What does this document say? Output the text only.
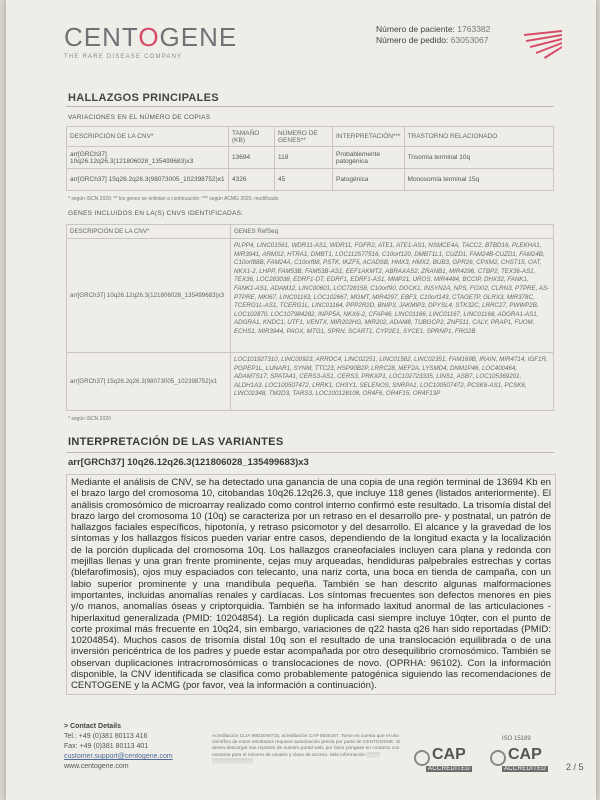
CENTOGENE
THE RARE DISEASE COMPANY
Número de paciente: 1763382
Número de pedido: 63053067
HALLAZGOS PRINCIPALES
VARIACIONES EN EL NÚMERO DE COPIAS
DESCRIPCIÓN DE LA CNV*	TAMAÑO (KB)	NÚMERO DE GENES**	INTERPRETACIÓN***	TRASTORNO RELACIONADO
arr[GRCh37] 10q26.12q26.3(121806028_135499683)x3	13694	118	Probablemente patogénica	Trisomía terminal 10q
arr[GRCh37] 15q26.2q26.3(98073005_102398752)x1	4326	45	Patogénica	Monosomía terminal 15q
* según ISCN 2020; ** los genes se enlistan a continuación; *** según ACMG 2020, modificado
GENES INCLUIDOS EN LA(S) CNVS IDENTIFICADAS:
DESCRIPCIÓN DE LA CNV*	GENES RefSeq
arr[GRCh37] 10q26.12q26.3(121806028_135499683)x3	PLPP4, LINC01561, WDR11-AS1, WDR11, FGFR2, ATE1, ATE1-AS1, NSMCE4A, TACC2, BTBD16, PLEKHA1, MIR3941, ARMS2, HTRA1, DMBT1, LOC112577516, C10orf120, DMBT1L1, CUZD1, FAM24B-CUZD1, FAM24B, C10orf88B, FAM24A, C10orf88, PSTK, IKZF5, ACADSB, HMX3, HMX2, BUB3, GPR26, CPXM2, CHST15, OAT, NKX1-2, LHPP, FAM53B, FAM53B-AS1, EEF1AKMT2, ABRAXAS2, ZRANB1, MIR4296, CTBP2, TEX36-AS1, TEX36, LOC283038, EDRF1-DT, EDRF1, EDRF1-AS1, MMP21, UROS, MIR4484, BCCIP, DHX32, FANK1, FANK1-AS1, ADAM12, LINC00601, LOC728158, C10orf90, DOCK1, INSYN2A, NPS, FOXI2, CLRN3, PTPRE, AS-PTPRE, MKI67, LINC01163, LOC102667, MGMT, MIR4297, EBF3, C10orf143, CTAGE7P, GLRX3, MIR378C, TCERG1L-AS1, TCERG1L, LINC01164, PPP2R2D, BNIP3, JAKMIP3, DPYSL4, STK32C, LRRC27, PWWP2B, LOC102870, LOC107984282, INPP5A, NKX6-2, CFAP46, LINC01166, LINC01167, LINC01168, ADGRA1-AS1, ADGRA1, KNDC1, UTF1, VENTX, MIR202HG, MIR202, ADAM8, TUBGCP2, ZNF511, CALY, PRAP1, FUOM, ECHS1, MIR3944, PAOX, MTG1, SPRN, SCART1, CYP2E1, SYCE1, SPRNP1, FRG2B
arr[GRCh37] 15q26.2q26.3(98073005_102398752)x1	LOC101927310, LINC00923, ARRDC4, LINC02251, LINC01582, LINC02351, FAM169B, IRAIN, MIR4714, IGF1R, PGPEP1L, LUNAR1, SYNM, TTC23, HSP90B2P, LRRC28, MEF2A, LYSMD4, DNM1P46, LOC400464, ADAMTS17, SPATA41, CERS3-AS1, CERS3, PRKXP1, LOC102723335, LINS1, ASB7, LOC105369201, ALDH1A3, LOC100507472, LRRK1, CHSY1, SELENOS, SNRPA1, LOC100507472, PCSK6-AS1, PCSK6, LINC02348, TM2D3, TARS3, LOC100128108, OR4F6, OR4F15, OR4F13P
* según ISCN 2020
INTERPRETACIÓN DE LAS VARIANTES
arr[GRCh37] 10q26.12q26.3(121806028_135499683)x3
Mediante el análisis de CNV, se ha detectado una ganancia de una copia de una región terminal de 13694 Kb en el brazo largo del cromosoma 10, citobandas 10q26.12q26.3, que incluye 118 genes (listados anteriormente). El análisis cromosómico de microarray realizado como control interno confirmó este resultado. La trisomía distal del brazo largo del cromosoma 10 (10q) se caracteriza por un retraso en el desarrollo pre- y postnatal, un patrón de hallazgos faciales específicos, hipotonía, y retraso psicomotor y del desarrollo. El alcance y la gravedad de los síntomas y los hallazgos físicos pueden variar entre casos, dependiendo de la longitud exacta y la localización de la porción duplicada del cromosoma 10q. Los hallazgos craneofaciales incluyen cara plana y redonda con mejillas llenas y una gran frente prominente, cejas muy arqueadas, hendiduras palpebrales estrechas y cortas (blefarofimosis), ojos muy espaciados con telecanto, una nariz corta, una boca en tienda de campaña, con un labio superior prominente y una mandíbula pequeña. También se han descrito algunas malformaciones importantes, incluidas anomalías renales y cardíacas. Los síntomas frecuentes son defectos menores en pies y/o manos, anomalías óseas y criptorquidia. También se ha informado laxitud anormal de las articulaciones - hiperlaxitud generalizada (PMID: 10204854). La región duplicada casi siempre incluye 10qter, con el punto de corte proximal más frecuente en 10q24, sin embargo, variaciones de q22 hasta q26 han sido reportadas (PMID: 10204854). Muchos casos de trisomía distal 10q son el resultado de una translocación equilibrada o de una inversión pericéntrica de los padres y puede estar acompañada por otro desequilibrio cromosómico. También se observan duplicaciones intracromosómicas o translocaciones de novo. (OPRHA: 96102). Con la información disponible, la CNV identificada se clasifica como probablemente patogénica siguiendo las recomendaciones de CENTOGENE y la ACMG (por favor, vea la información a continuación).
> Contact Details
Tel.: +49 (0)381 80113 416
Fax: +49 (0)381 80113 401
customer.support@centogene.com
www.centogene.com
Acreditación CLIA 99D2049715, acreditación CAP 8005167. Tome en cuenta que el uso científico de estos resultados requiere autorización previa por parte de CENTOGENE. Si desea descargar sus reportes de nuestro portal web, por favor póngase en contacto con nosotros para el número de usuario y clave de acceso. Más información ░░░░ ░░░░░░░░░░░░	CAP
ACCREDITED
ISO 15189
CAP
ACCREDITED 2 / 5
